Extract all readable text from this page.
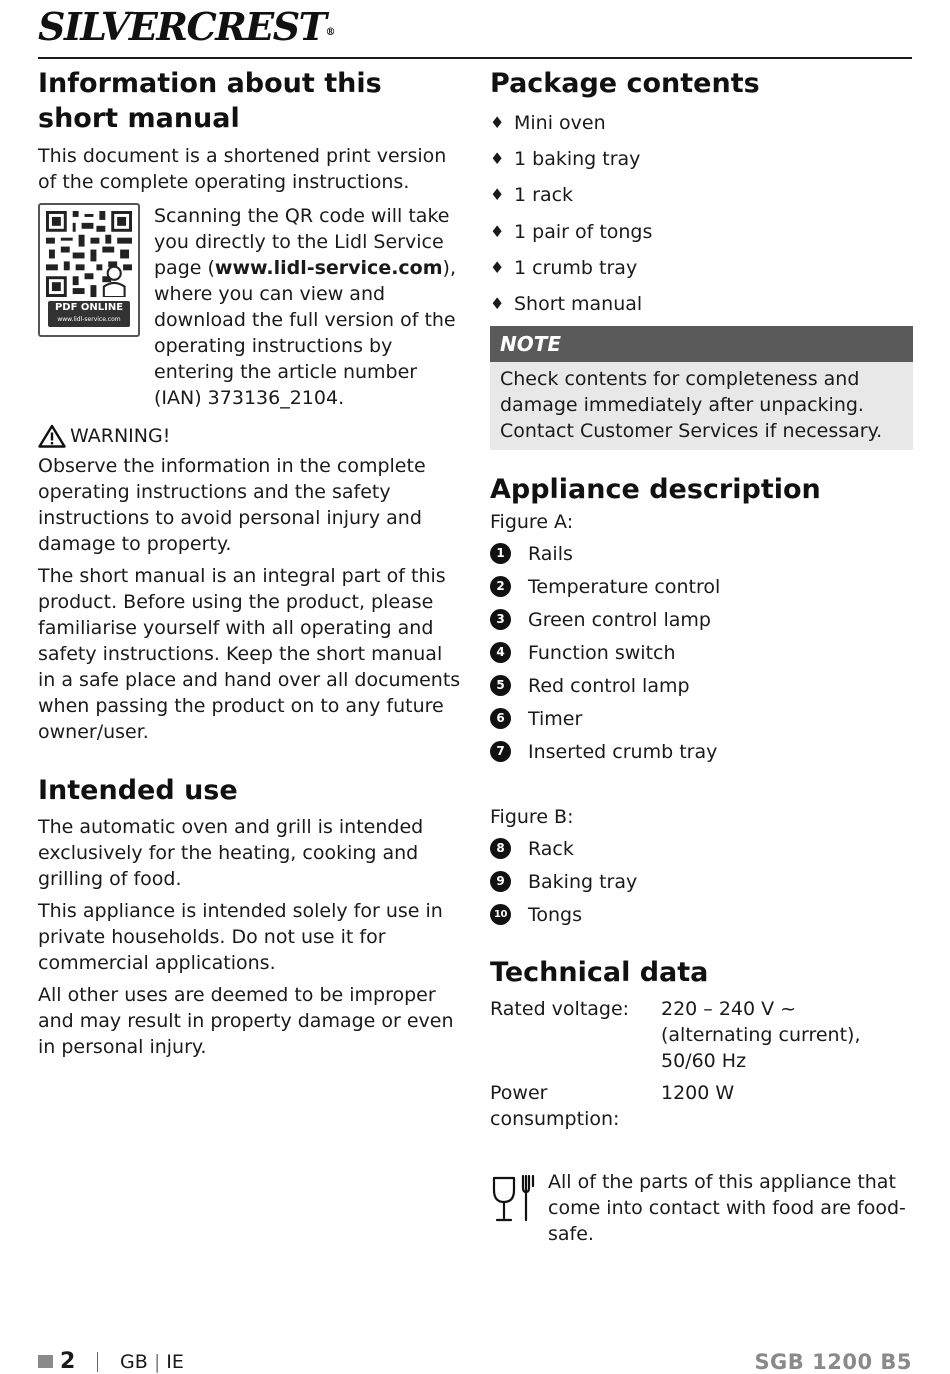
SILVERCREST®
Information about this short manual

This document is a shortened print version of the complete operating instructions.

PDF ONLINE
www.lidl-service.com

Scanning the QR code will take you directly to the Lidl Service page (www.lidl-service.com), where you can view and download the full version of the operating instructions by entering the article number (IAN) 373136_2104.

WARNING!

Observe the information in the complete operating instructions and the safety instructions to avoid personal injury and damage to property.

The short manual is an integral part of this product. Before using the product, please familiarise yourself with all operating and safety instructions. Keep the short manual in a safe place and hand over all documents when passing the product on to any future owner/user.

Intended use

The automatic oven and grill is intended exclusively for the heating, cooking and grilling of food.

This appliance is intended solely for use in private households. Do not use it for commercial applications.

All other uses are deemed to be improper and may result in property damage or even in personal injury.

Package contents
♦ Mini oven
♦ 1 baking tray
♦ 1 rack
♦ 1 pair of tongs
♦ 1 crumb tray
♦ Short manual
NOTE
Check contents for completeness and damage immediately after unpacking. Contact Customer Services if necessary.
Appliance description

Figure A:

1	Rails
2	Temperature control
3	Green control lamp
4	Function switch
5	Red control lamp
6	Timer
7	Inserted crumb tray

Figure B:

8	Rack
9	Baking tray
10 Tongs
Technical data
Rated voltage:	220 – 240 V ~ (alternating current), 50/60 Hz
Power consumption:
1200 W

All of the parts of this appliance that come into contact with food are food-safe.

2 GB | IE	SGB 1200 B5
